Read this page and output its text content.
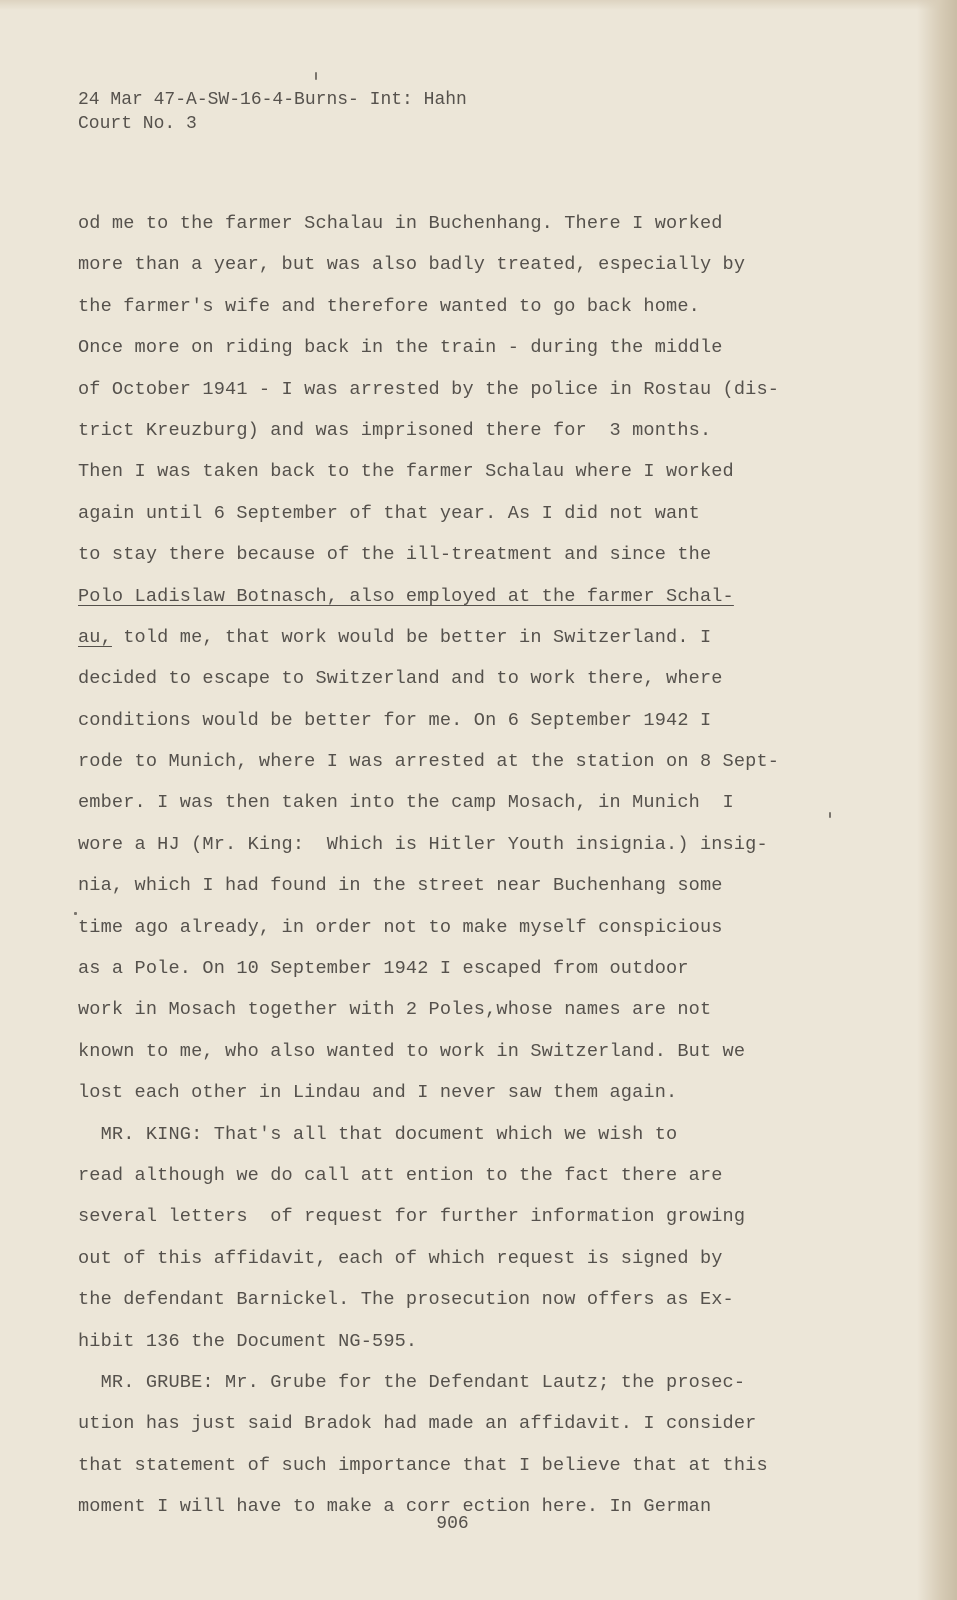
24 Mar 47-A-SW-16-4-Burns- Int: Hahn
Court No. 3
od me to the farmer Schalau in Buchenhang. There I worked
more than a year, but was also badly treated, especially by
the farmer's wife and therefore wanted to go back home.
Once more on riding back in the train - during the middle
of October 1941 - I was arrested by the police in Rostau (dis-
trict Kreuzburg) and was imprisoned there for  3 months.
Then I was taken back to the farmer Schalau where I worked
again until 6 September of that year. As I did not want
to stay there because of the ill-treatment and since the
Polo Ladislaw Botnasch, also employed at the farmer Schal-
au, told me, that work would be better in Switzerland. I
decided to escape to Switzerland and to work there, where
conditions would be better for me. On 6 September 1942 I
rode to Munich, where I was arrested at the station on 8 Sept-
ember. I was then taken into the camp Mosach, in Munich  I
wore a HJ (Mr. King:  Which is Hitler Youth insignia.) insig-
nia, which I had found in the street near Buchenhang some
time ago already, in order not to make myself conspicious
as a Pole. On 10 September 1942 I escaped from outdoor
work in Mosach together with 2 Poles,whose names are not
known to me, who also wanted to work in Switzerland. But we
lost each other in Lindau and I never saw them again.
MR. KING: That's all that document which we wish to
read although we do call att ention to the fact there are
several letters  of request for further information growing
out of this affidavit, each of which request is signed by
the defendant Barnickel. The prosecution now offers as Ex-
hibit 136 the Document NG-595.
MR. GRUBE: Mr. Grube for the Defendant Lautz; the prosec-
ution has just said Bradok had made an affidavit. I consider
that statement of such importance that I believe that at this
moment I will have to make a corr ection here. In German
906
